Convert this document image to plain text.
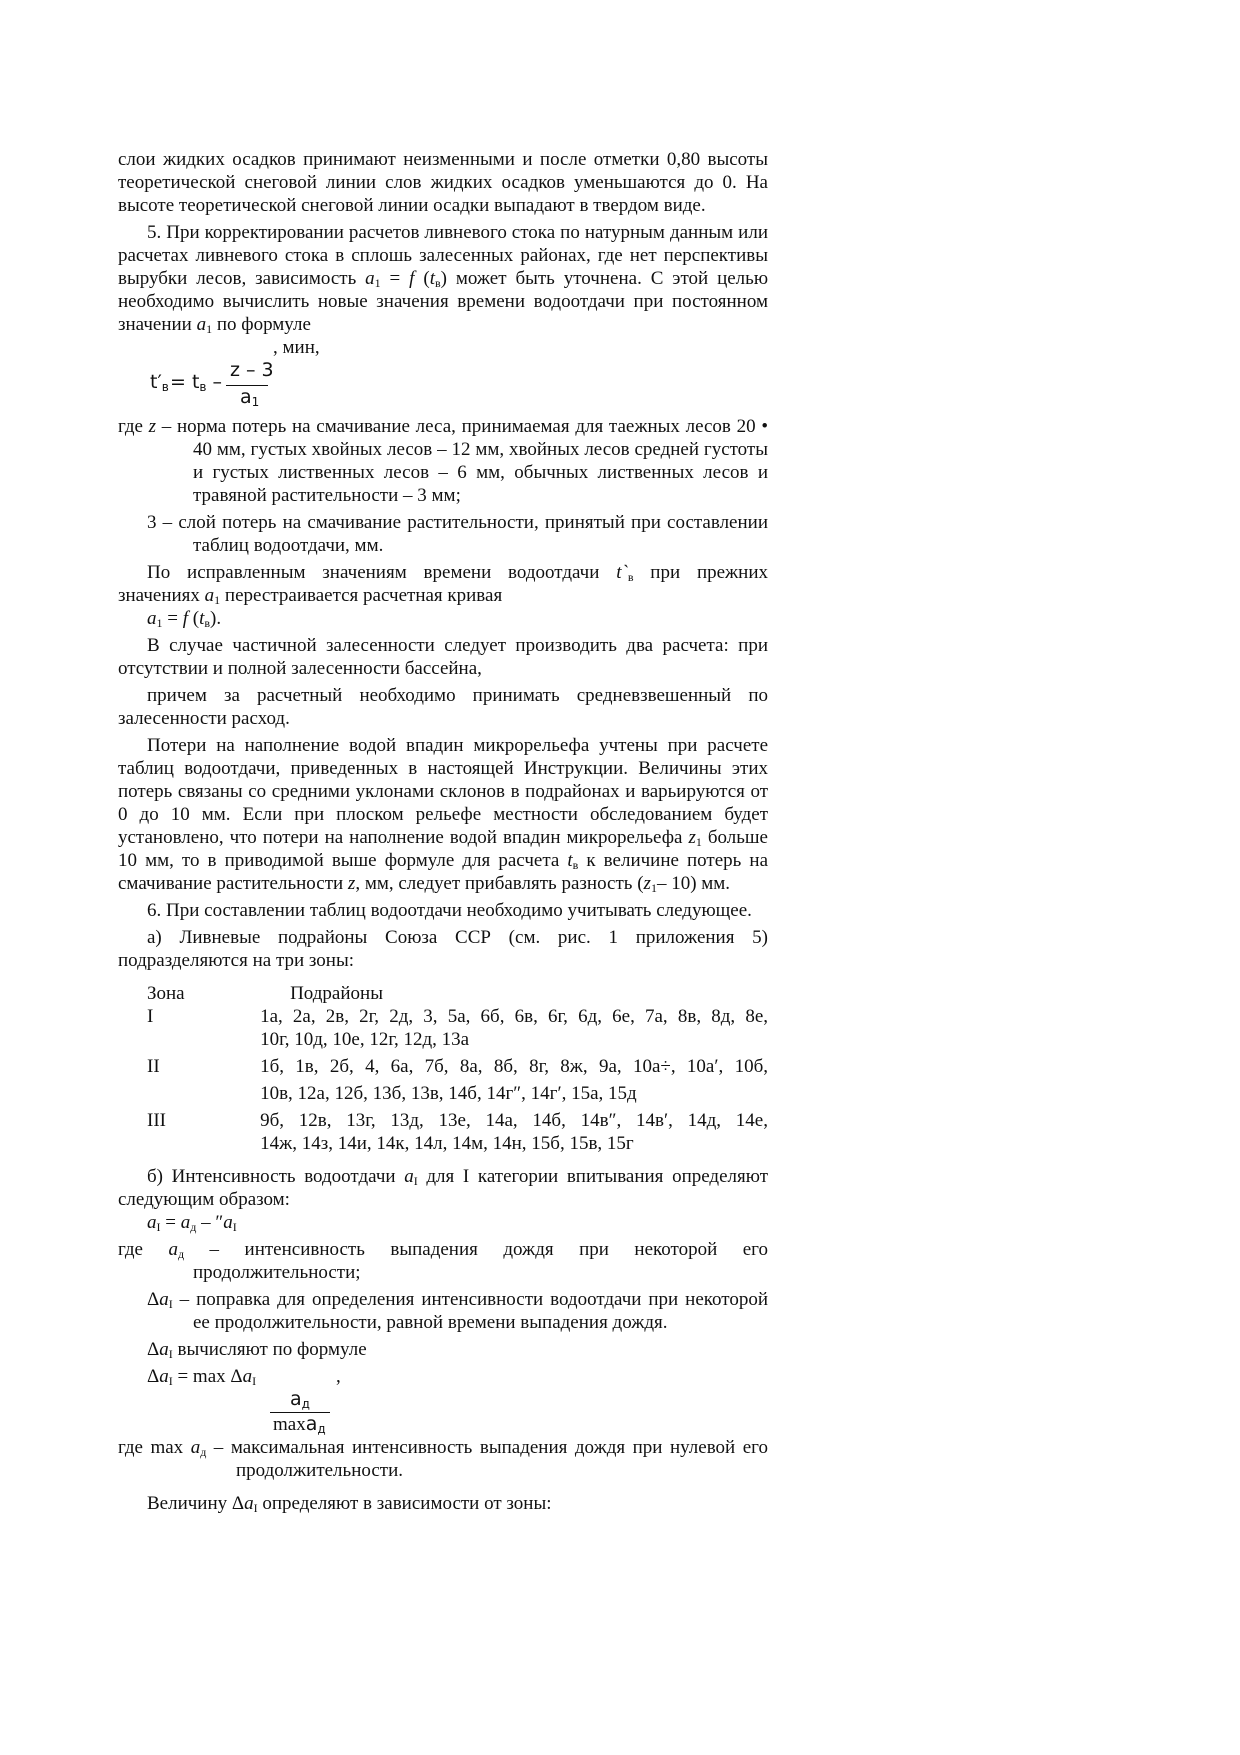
слои жидких осадков принимают неизменными и после отметки 0,80 высоты теоретической снеговой линии слов жидких осадков уменьшаются до 0. На высоте теоретической снеговой линии осадки выпадают в твердом виде.

5. При корректировании расчетов ливневого стока по натурным данным или расчетах ливневого стока в сплошь залесенных районах, где нет перспективы вырубки лесов, зависимость $a_1 = f$ $(t_в)$ может быть уточнена. С этой целью необходимо вычислить новые значения времени водоотдачи при постоянном значении $a_1$ по формуле

, мин,
$t'_в = t_в$ –
z – 3
$a_1$

где z – норма потерь на смачивание леса, принимаемая для таежных лесов 20 • 40 мм, густых хвойных лесов – 12 мм, хвойных лесов средней густоты и густых лиственных лесов – 6 мм, обычных лиственных лесов и травяной растительности – 3 мм;

3 – слой потерь на смачивание растительности, принятый при составлении таблиц водоотдачи, мм.

По исправленным значениям времени водоотдачи $t`_в$ при прежних значениях $a_1$ перестраивается расчетная кривая

$a_1 = f$ $(t_в)$.

В случае частичной залесенности следует производить два расчета: при отсутствии и полной залесенности бассейна,

причем за расчетный необходимо принимать средневзвешенный по залесенности расход.

Потери на наполнение водой впадин микрорельефа учтены при расчете таблиц водоотдачи, приведенных в настоящей Инструкции. Величины этих потерь связаны со средними уклонами склонов в подрайонах и варьируются от 0 до 10 мм. Если при плоском рельефе местности обследованием будет установлено, что потери на наполнение водой впадин микрорельефа $z_1$ больше 10 мм, то в приводимой выше формуле для расчета $t_в$ к величине потерь на смачивание растительности z, мм, следует прибавлять разность ($z_1-$ 10) мм.

6. При составлении таблиц водоотдачи необходимо учитывать следующее.

а) Ливневые подрайоны Союза ССР (см. рис. 1 приложения 5) подразделяются на три зоны:

Зона	Подрайоны
I	1а, 2а, 2в, 2г, 2д, 3, 5а, 6б, 6в, 6г, 6д, 6е, 7а, 8в, 8д, 8е,
10г, 10д, 10е, 12г, 12д, 13а

II	1б, 1в, 2б, 4, 6а, 7б, 8а, 8б, 8г, 8ж, 9а, 10а÷, 10а′, 10б,
10в, 12а, 12б, 13б, 13в, 14б, 14г″, 14г′, 15а, 15д

III	9б, 12в, 13г, 13д, 13е, 14а, 14б, 14в″, 14в′, 14д, 14е,
14ж, 14з, 14и, 14к, 14л, 14м, 14н, 15б, 15в, 15г

б) Интенсивность водоотдачи $a_I$ для I категории впитывания определяют следующим образом:

$a_I = a_д - ''a_I$

где $a_д$ – интенсивность выпадения дождя при некоторой его продолжительности;

$\Delta a_I$ – поправка для определения интенсивности водоотдачи при некоторой ее продолжительности, равной времени выпадения дождя.

$\Delta a_I$ вычисляют по формуле

$\Delta a_I = \max \Delta a_I$	,
$a_д$
maxa$_д$

где $\max a_д$ – максимальная интенсивность выпадения дождя при нулевой его продолжительности.

Величину $\Delta a_I$ определяют в зависимости от зоны:
